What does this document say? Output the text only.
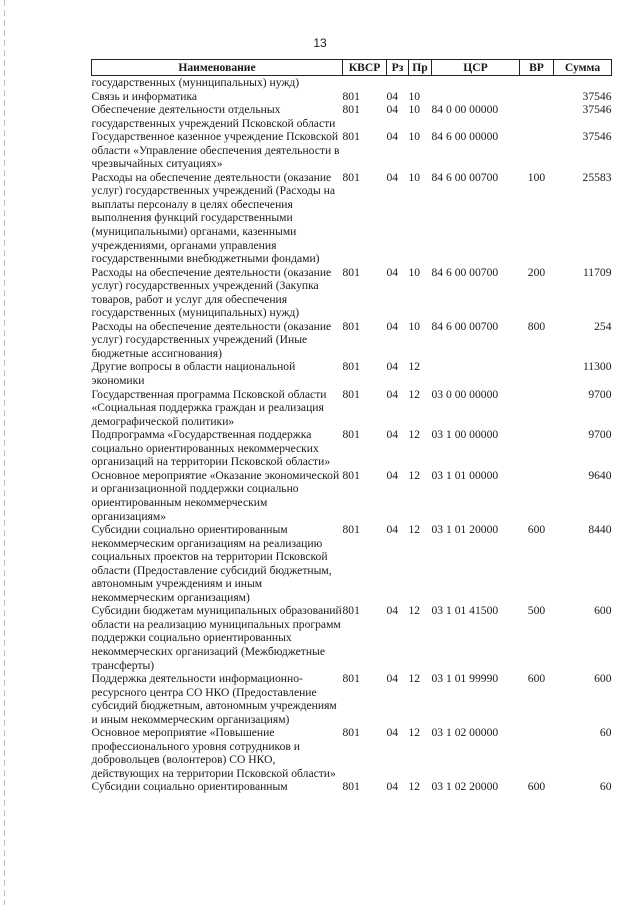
13
Наименование	КВСР	Рз	Пр	ЦСР	ВР	Сумма
государственных (муниципальных) нужд)						
Связь и информатика	801	04	10			37546
Обеспечение деятельности отдельных государственных учреждений Псковской области	801	04	10	84 0 00 00000		37546
Государственное казенное учреждение Псковской области «Управление обеспечения деятельности в чрезвычайных ситуациях»	801	04	10	84 6 00 00000		37546
Расходы на обеспечение деятельности (оказание услуг) государственных учреждений (Расходы на выплаты персоналу в целях обеспечения выполнения функций государственными (муниципальными) органами, казенными учреждениями, органами управления государственными внебюджетными фондами)	801	04	10	84 6 00 00700	100	25583
Расходы на обеспечение деятельности (оказание услуг) государственных учреждений (Закупка товаров, работ и услуг для обеспечения государственных (муниципальных) нужд)	801	04	10	84 6 00 00700	200	11709
Расходы на обеспечение деятельности (оказание услуг) государственных учреждений (Иные бюджетные ассигнования)	801	04	10	84 6 00 00700	800	254
Другие вопросы в области национальной экономики	801	04	12			11300
Государственная программа Псковской области «Социальная поддержка граждан и реализация демографической политики»	801	04	12	03 0 00 00000		9700
Подпрограмма «Государственная поддержка социально ориентированных некоммерческих организаций на территории Псковской области»	801	04	12	03 1 00 00000		9700
Основное мероприятие «Оказание экономической и организационной поддержки социально ориентированным некоммерческим организациям»	801	04	12	03 1 01 00000		9640
Субсидии социально ориентированным некоммерческим организациям на реализацию социальных проектов на территории Псковской области (Предоставление субсидий бюджетным, автономным учреждениям и иным некоммерческим организациям)	801	04	12	03 1 01 20000	600	8440
Субсидии бюджетам муниципальных образований области на реализацию муниципальных программ поддержки социально ориентированных некоммерческих организаций (Межбюджетные трансферты)	801	04	12	03 1 01 41500	500	600
Поддержка деятельности информационно-ресурсного центра СО НКО (Предоставление субсидий бюджетным, автономным учреждениям и иным некоммерческим организациям)	801	04	12	03 1 01 99990	600	600
Основное мероприятие «Повышение профессионального уровня сотрудников и добровольцев (волонтеров) СО НКО, действующих на территории Псковской области»	801	04	12	03 1 02 00000		60
Субсидии социально ориентированным	801	04	12	03 1 02 20000	600	60
